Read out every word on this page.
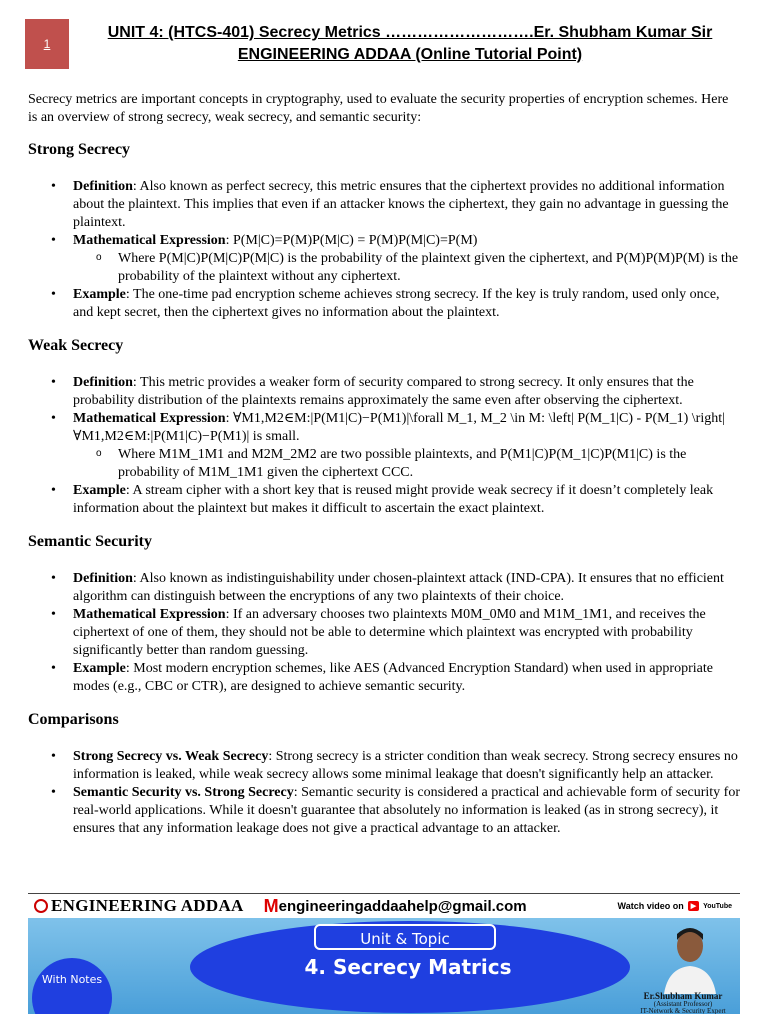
1
UNIT 4: (HTCS-401) Secrecy Metrics ……………………….Er. Shubham Kumar Sir
ENGINEERING ADDAA (Online Tutorial Point)

Secrecy metrics are important concepts in cryptography, used to evaluate the security properties of encryption schemes. Here is an overview of strong secrecy, weak secrecy, and semantic security:

Strong Secrecy
• Definition: Also known as perfect secrecy, this metric ensures that the ciphertext provides no additional information about the plaintext. This implies that even if an attacker knows the ciphertext, they gain no advantage in guessing the plaintext.
• Mathematical Expression: P(M|C)=P(M)P(M|C) = P(M)P(M|C)=P(M)
o Where P(M|C)P(M|C)P(M|C) is the probability of the plaintext given the ciphertext, and P(M)P(M)P(M) is the probability of the plaintext without any ciphertext.
• Example: The one-time pad encryption scheme achieves strong secrecy. If the key is truly random, used only once, and kept secret, then the ciphertext gives no information about the plaintext.
Weak Secrecy
• Definition: This metric provides a weaker form of security compared to strong secrecy. It only ensures that the probability distribution of the plaintexts remains approximately the same even after observing the ciphertext.
• Mathematical Expression: ∀M1,M2∈M:|P(M1|C)−P(M1)|\forall M_1, M_2 \in M: \left| P(M_1|C) - P(M_1) \right|∀M1,M2∈M:|P(M1|C)−P(M1)| is small.
o Where M1M_1M1 and M2M_2M2 are two possible plaintexts, and P(M1|C)P(M_1|C)P(M1|C) is the probability of M1M_1M1 given the ciphertext CCC.
• Example: A stream cipher with a short key that is reused might provide weak secrecy if it doesn’t completely leak information about the plaintext but makes it difficult to ascertain the exact plaintext.
Semantic Security
• Definition: Also known as indistinguishability under chosen-plaintext attack (IND-CPA). It ensures that no efficient algorithm can distinguish between the encryptions of any two plaintexts of their choice.
• Mathematical Expression: If an adversary chooses two plaintexts M0M_0M0 and M1M_1M1, and receives the ciphertext of one of them, they should not be able to determine which plaintext was encrypted with probability significantly better than random guessing.
• Example: Most modern encryption schemes, like AES (Advanced Encryption Standard) when used in appropriate modes (e.g., CBC or CTR), are designed to achieve semantic security.
Comparisons
• Strong Secrecy vs. Weak Secrecy: Strong secrecy is a stricter condition than weak secrecy. Strong secrecy ensures no information is leaked, while weak secrecy allows some minimal leakage that doesn't significantly help an attacker.
• Semantic Security vs. Strong Secrecy: Semantic security is considered a practical and achievable form of security for real-world applications. While it doesn't guarantee that absolutely no information is leaked (as in strong secrecy), it ensures that any information leakage does not give a practical advantage to an attacker.
ENGINEERING ADDAA M engineeringaddaahelp@gmail.com	Watch video on	▶	YouTube
Unit & Topic
4. Secrecy Matrics
With Notes
Er.Shubham Kumar
(Assistant Professor)
IT-Network & Security Expert
